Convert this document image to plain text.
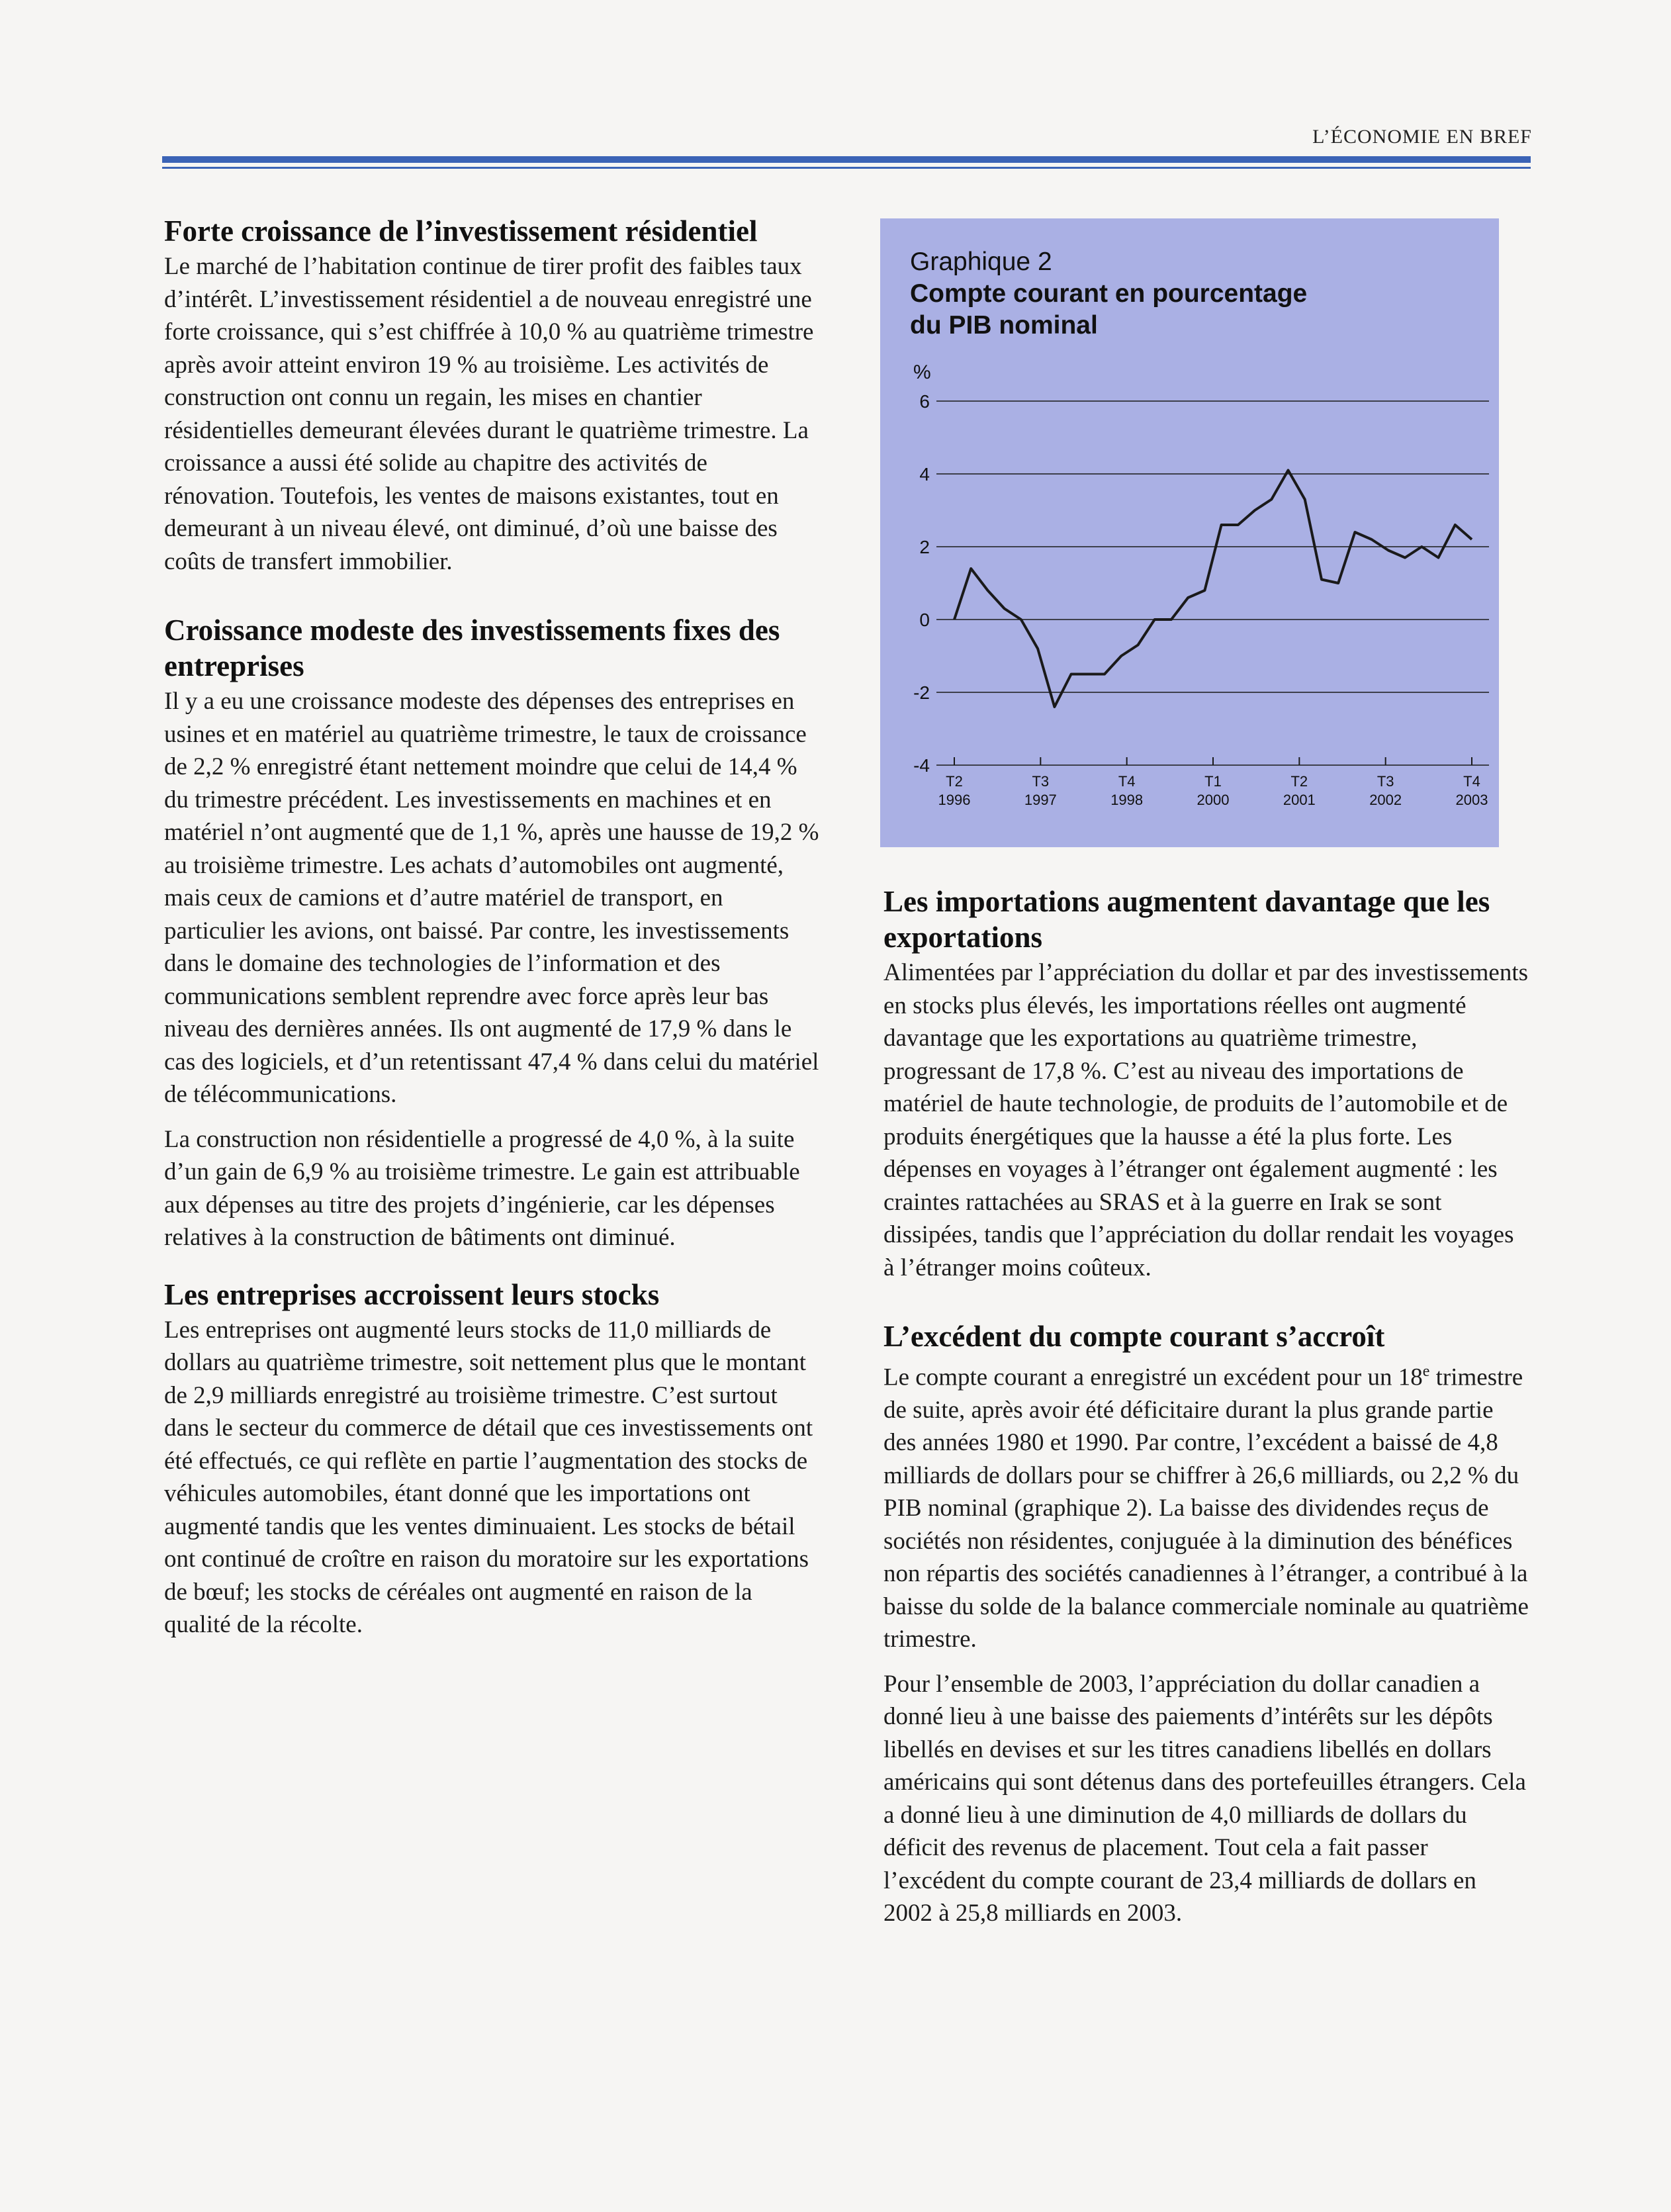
L’ÉCONOMIE EN BREF
Forte croissance de l’investissement résidentiel

Le marché de l’habitation continue de tirer profit des faibles taux d’intérêt. L’investissement résidentiel a de nouveau enregistré une forte croissance, qui s’est chiffrée à 10,0 % au quatrième trimestre après avoir atteint environ 19 % au troisième. Les activités de construction ont connu un regain, les mises en chantier résidentielles demeurant élevées durant le quatrième trimestre. La croissance a aussi été solide au chapitre des activités de rénovation. Toutefois, les ventes de maisons existantes, tout en demeurant à un niveau élevé, ont diminué, d’où une baisse des coûts de transfert immobilier.

Croissance modeste des investissements fixes des entreprises

Il y a eu une croissance modeste des dépenses des entreprises en usines et en matériel au quatrième trimestre, le taux de croissance de 2,2 % enregistré étant nettement moindre que celui de 14,4 % du trimestre précédent. Les investissements en machines et en matériel n’ont augmenté que de 1,1 %, après une hausse de 19,2 % au troisième trimestre. Les achats d’automobiles ont augmenté, mais ceux de camions et d’autre matériel de transport, en particulier les avions, ont baissé. Par contre, les investissements dans le domaine des technologies de l’information et des communications semblent reprendre avec force après leur bas niveau des dernières années. Ils ont augmenté de 17,9 % dans le cas des logiciels, et d’un retentissant 47,4 % dans celui du matériel de télécommunications.

La construction non résidentielle a progressé de 4,0 %, à la suite d’un gain de 6,9 % au troisième trimestre. Le gain est attribuable aux dépenses au titre des projets d’ingénierie, car les dépenses relatives à la construction de bâtiments ont diminué.

Les entreprises accroissent leurs stocks

Les entreprises ont augmenté leurs stocks de 11,0 milliards de dollars au quatrième trimestre, soit nettement plus que le montant de 2,9 milliards enregistré au troisième trimestre. C’est surtout dans le secteur du commerce de détail que ces investissements ont été effectués, ce qui reflète en partie l’augmentation des stocks de véhicules automobiles, étant donné que les importations ont augmenté tandis que les ventes diminuaient. Les stocks de bétail ont continué de croître en raison du moratoire sur les exportations de bœuf; les stocks de céréales ont augmenté en raison de la qualité de la récolte.

Graphique 2
Compte courant en pourcentage
du PIB nominal
%
6
4
2
0
-2
-4
T2
1996
T3
1997
T4
1998
T1
2000
T2
2001
T3
2002
T4
2003
Les importations augmentent davantage que les exportations

Alimentées par l’appréciation du dollar et par des investissements en stocks plus élevés, les importations réelles ont augmenté davantage que les exportations au quatrième trimestre, progressant de 17,8 %. C’est au niveau des importations de matériel de haute technologie, de produits de l’automobile et de produits énergétiques que la hausse a été la plus forte. Les dépenses en voyages à l’étranger ont également augmenté : les craintes rattachées au SRAS et à la guerre en Irak se sont dissipées, tandis que l’appréciation du dollar rendait les voyages à l’étranger moins coûteux.

L’excédent du compte courant s’accroît

Le compte courant a enregistré un excédent pour un 18e trimestre de suite, après avoir été déficitaire durant la plus grande partie des années 1980 et 1990. Par contre, l’excédent a baissé de 4,8 milliards de dollars pour se chiffrer à 26,6 milliards, ou 2,2 % du PIB nominal (graphique 2). La baisse des dividendes reçus de sociétés non résidentes, conjuguée à la diminution des bénéfices non répartis des sociétés canadiennes à l’étranger, a contribué à la baisse du solde de la balance commerciale nominale au quatrième trimestre.

Pour l’ensemble de 2003, l’appréciation du dollar canadien a donné lieu à une baisse des paiements d’intérêts sur les dépôts libellés en devises et sur les titres canadiens libellés en dollars américains qui sont détenus dans des portefeuilles étrangers. Cela a donné lieu à une diminution de 4,0 milliards de dollars du déficit des revenus de placement. Tout cela a fait passer l’excédent du compte courant de 23,4 milliards de dollars en 2002 à 25,8 milliards en 2003.
